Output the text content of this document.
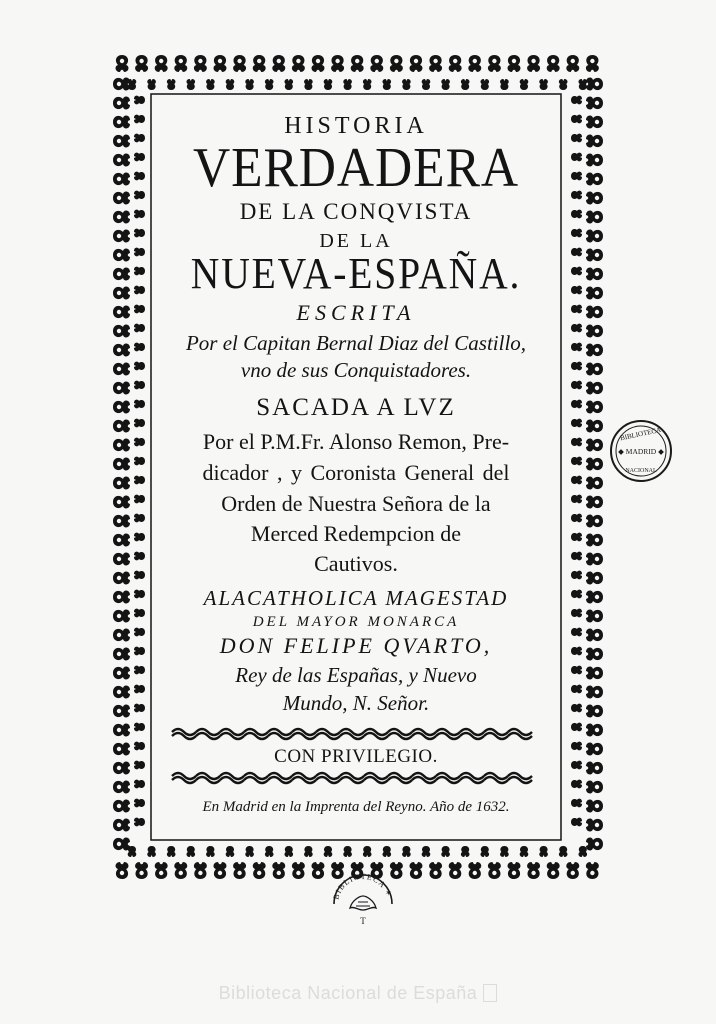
HISTORIA
VERDADERA
DE LA CONQVISTA
DE LA
NUEVA-ESPAÑA.
ESCRITA
Por el Capitan Bernal Diaz del Castillo,
vno de sus Conquistadores.
SACADA A LVZ
Por el P.M.Fr. Alonso Remon, Pre-
dicador , y Coronista General del
Orden de Nuestra Señora de la
Merced Redempcion de
Cautivos.
ALACATHOLICA MAGESTAD
DEL MAYOR MONARCA
DON FELIPE QVARTO,
Rey de las Españas, y Nuevo
Mundo, N. Señor.
CON PRIVILEGIO.
En Madrid en la Imprenta del Reyno. Año de 1632.
BIBLIOTECA
◆ MADRID ◆
NACIONAL
BIBLIOTECA ✶
T
Biblioteca Nacional de España
